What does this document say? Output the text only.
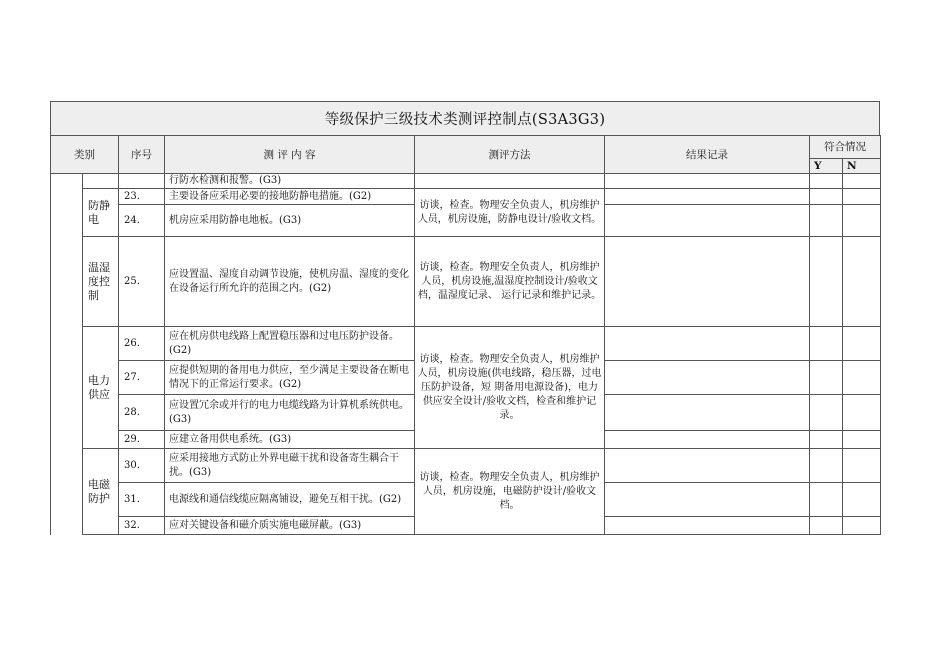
等级保护三级技术类测评控制点(S3A3G3)
类别		序号	测 评 内 容	测评方法	结果记录	符合情况	
						Y	N
			行防水检测和报警。(G3)				
	防静电	23.	主要设备应采用必要的接地防静电措施。(G2)	访谈，检查。物理安全负责人，机房维护人员，机房设施，防静电设计/验收文档。			
		24.	机房应采用防静电地板。(G3)				
	温湿度控制	25.	应设置温、湿度自动调节设施，使机房温、湿度的变化在设备运行所允许的范围之内。(G2)	访谈，检查。物理安全负责人，机房维护人员，机房设施,温湿度控制设计/验收文档，温湿度记录、 运行记录和维护记录。			
	电力供应	26.	应在机房供电线路上配置稳压器和过电压防护设备。(G2)	访谈，检查。物理安全负责人，机房维护人员，机房设施(供电线路，稳压器，过电压防护设备，短 期备用电源设备)，电力供应安全设计/验收文档，检查和维护记录。			
		27.	应提供短期的备用电力供应，至少满足主要设备在断电情况下的正常运行要求。(G2)				
		28.	应设置冗余或并行的电力电缆线路为计算机系统供电。(G3)				
		29.	应建立备用供电系统。(G3)				
	电磁防护	30.	应采用接地方式防止外界电磁干扰和设备寄生耦合干扰。(G3)	访谈，检查。物理安全负责人，机房维护人员，机房设施，电磁防护设计/验收文档。			
		31.	电源线和通信线缆应隔离铺设，避免互相干扰。(G2)				
		32.	应对关键设备和磁介质实施电磁屏蔽。(G3)				
